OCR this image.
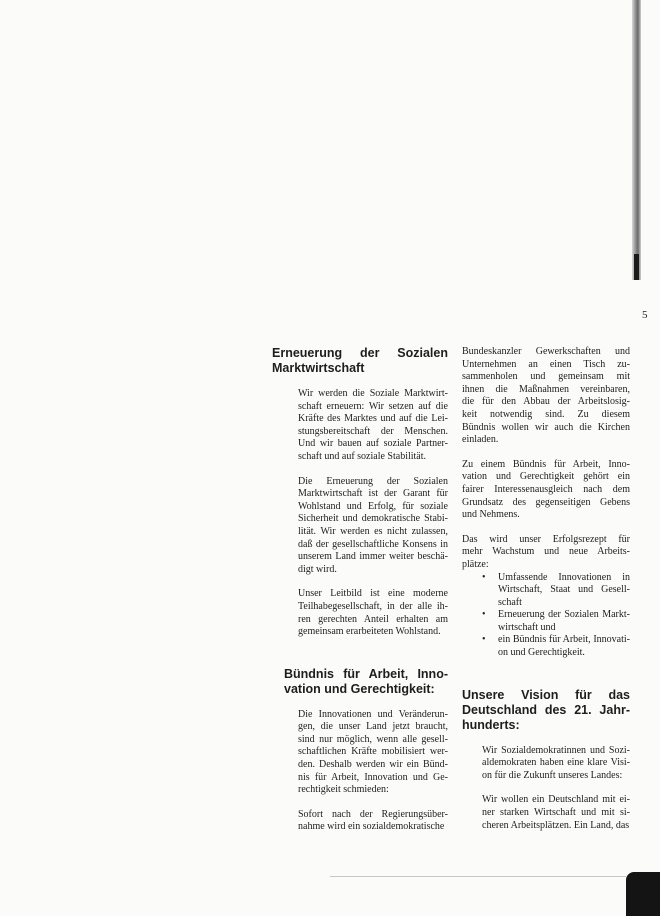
5
Erneuerung der Sozialen
Marktwirtschaft

Wir werden die Soziale Marktwirt-
schaft erneuern: Wir setzen auf die
Kräfte des Marktes und auf die Lei-
stungsbereitschaft der Menschen.
Und wir bauen auf soziale Partner-
schaft und auf soziale Stabilität.

Die Erneuerung der Sozialen
Marktwirtschaft ist der Garant für
Wohlstand und Erfolg, für soziale
Sicherheit und demokratische Stabi-
lität. Wir werden es nicht zulassen,
daß der gesellschaftliche Konsens in
unserem Land immer weiter beschä-
digt wird.

Unser Leitbild ist eine moderne
Teilhabegesellschaft, in der alle ih-
ren gerechten Anteil erhalten am
gemeinsam erarbeiteten Wohlstand.

Bündnis für Arbeit, Inno-
vation und Gerechtigkeit:

Die Innovationen und Veränderun-
gen, die unser Land jetzt braucht,
sind nur möglich, wenn alle gesell-
schaftlichen Kräfte mobilisiert wer-
den. Deshalb werden wir ein Bünd-
nis für Arbeit, Innovation und Ge-
rechtigkeit schmieden:

Sofort nach der Regierungsüber-
nahme wird ein sozialdemokratische

Bundeskanzler Gewerkschaften und
Unternehmen an einen Tisch zu-
sammenholen und gemeinsam mit
ihnen die Maßnahmen vereinbaren,
die für den Abbau der Arbeitslosig-
keit notwendig sind. Zu diesem
Bündnis wollen wir auch die Kirchen
einladen.

Zu einem Bündnis für Arbeit, Inno-
vation und Gerechtigkeit gehört ein
fairer Interessenausgleich nach dem
Grundsatz des gegenseitigen Gebens
und Nehmens.

Das wird unser Erfolgsrezept für
mehr Wachstum und neue Arbeits-
plätze:

• Umfassende Innovationen in
Wirtschaft, Staat und Gesell-
schaft
• Erneuerung der Sozialen Markt-
wirtschaft und
• ein Bündnis für Arbeit, Innovati-
on und Gerechtigkeit.
Unsere Vision für das
Deutschland des 21. Jahr-
hunderts:

Wir Sozialdemokratinnen und Sozi-
aldemokraten haben eine klare Visi-
on für die Zukunft unseres Landes:

Wir wollen ein Deutschland mit ei-
ner starken Wirtschaft und mit si-
cheren Arbeitsplätzen. Ein Land, das
